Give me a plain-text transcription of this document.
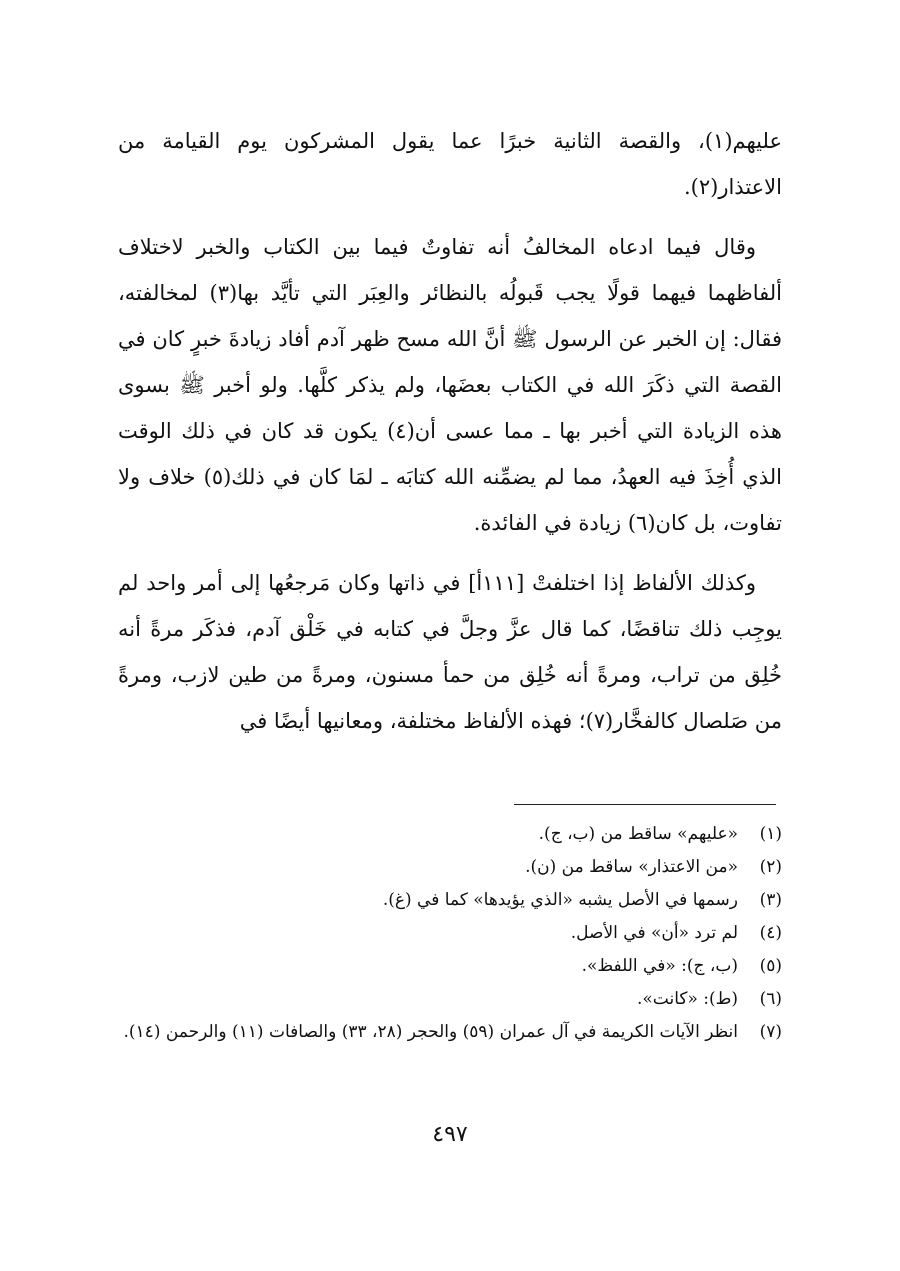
عليهم(١)، والقصة الثانية خبرًا عما يقول المشركون يوم القيامة من الاعتذار(٢).

وقال فيما ادعاه المخالفُ أنه تفاوتٌ فيما بين الكتاب والخبر لاختلاف ألفاظهما فيهما قولًا يجب قَبولُه بالنظائر والعِبَر التي تأيَّد بها(٣) لمخالفته، فقال: إن الخبر عن الرسول ﷺ أنَّ الله مسح ظهر آدم أفاد زيادةَ خبرٍ كان في القصة التي ذكَرَ الله في الكتاب بعضَها، ولم يذكر كلَّها. ولو أخبر ﷺ بسوى هذه الزيادة التي أخبر بها ـ مما عسى أن(٤) يكون قد كان في ذلك الوقت الذي أُخِذَ فيه العهدُ، مما لم يضمِّنه الله كتابَه ـ لمَا كان في ذلك(٥) خلاف ولا تفاوت، بل كان(٦) زيادة في الفائدة.

وكذلك الألفاظ إذا اختلفتْ [١١١أ] في ذاتها وكان مَرجعُها إلى أمر واحد لم يوجِب ذلك تناقضًا، كما قال عزَّ وجلَّ في كتابه في خَلْق آدم، فذكَر مرةً أنه خُلِق من تراب، ومرةً أنه خُلِق من حمأ مسنون، ومرةً من طين لازب، ومرةً من صَلصال كالفخَّار(٧)؛ فهذه الألفاظ مختلفة، ومعانيها أيضًا في

(١)
«عليهم» ساقط من (ب، ج).
(٢)
«من الاعتذار» ساقط من (ن).
(٣)
رسمها في الأصل يشبه «الذي يؤيدها» كما في (غ).
(٤)
لم ترد «أن» في الأصل.
(٥)
(ب، ج): «في اللفظ».
(٦)
(ط): «كانت».
(٧)
انظر الآيات الكريمة في آل عمران (٥٩) والحجر (٢٨، ٣٣) والصافات (١١) والرحمن (١٤).
٤٩٧
